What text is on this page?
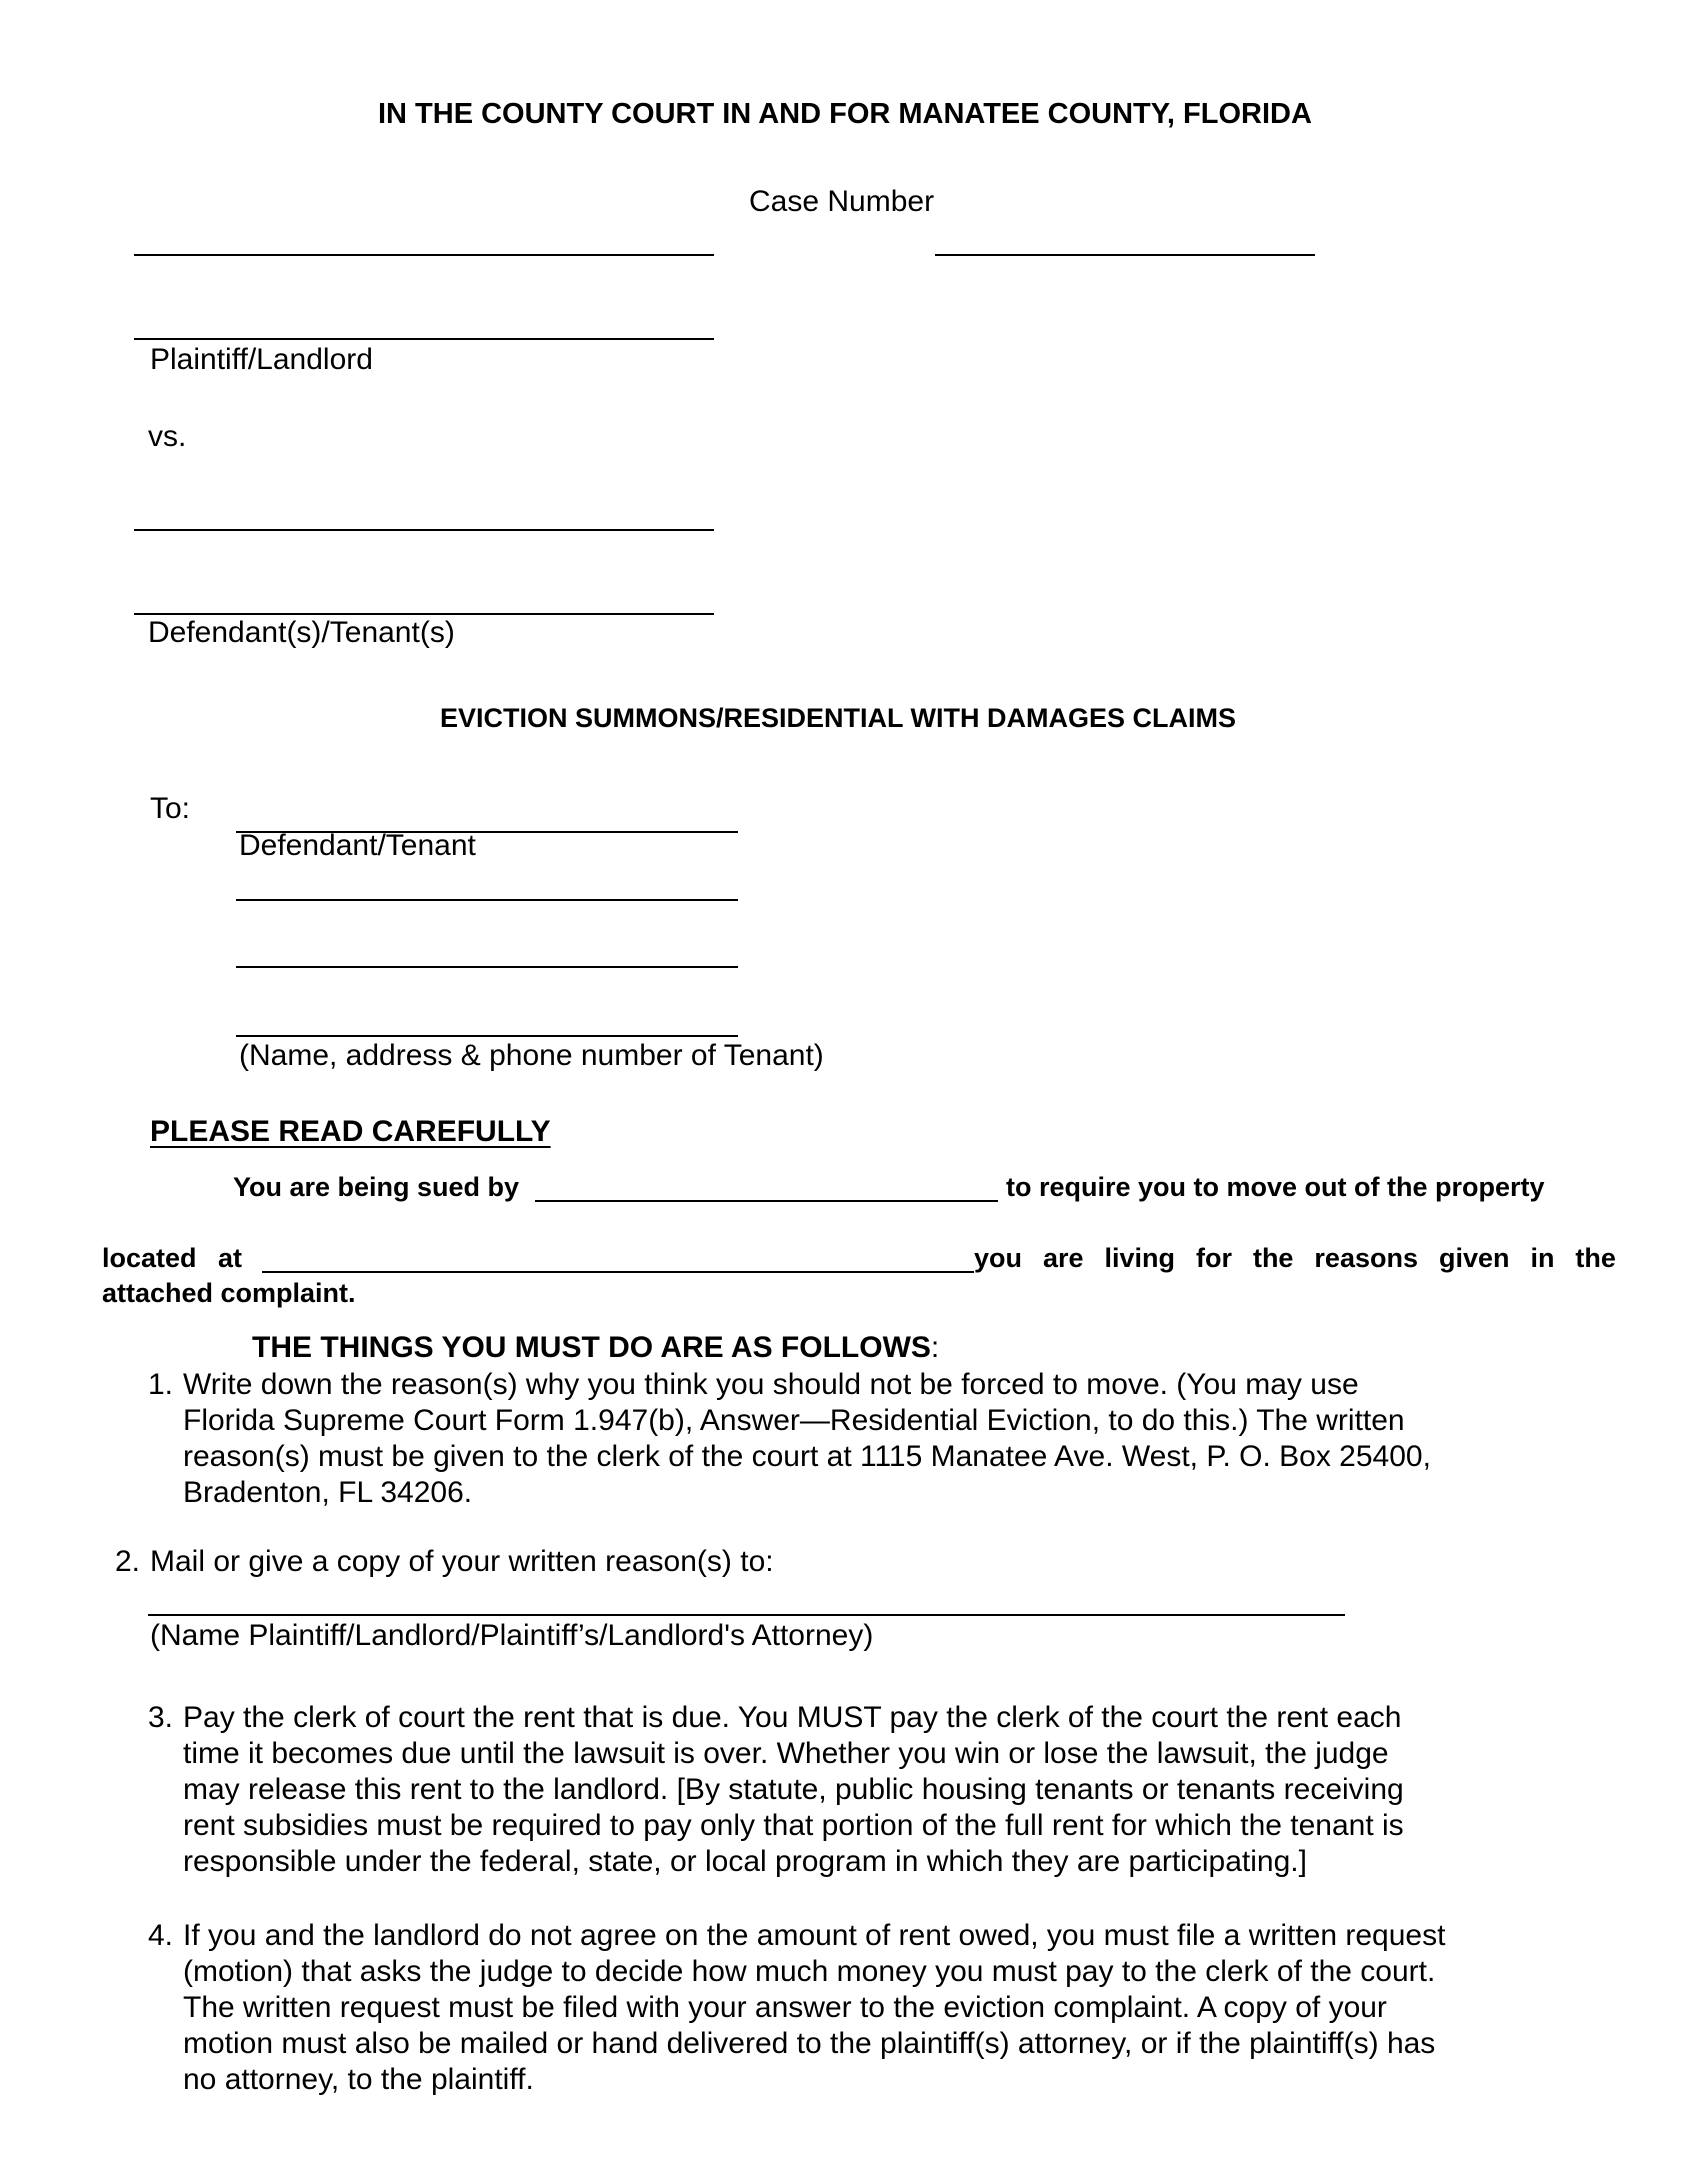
IN THE COUNTY COURT IN AND FOR MANATEE COUNTY, FLORIDA
Case Number
Plaintiff/Landlord
vs.
Defendant(s)/Tenant(s)
EVICTION SUMMONS/RESIDENTIAL WITH DAMAGES CLAIMS
To:
Defendant/Tenant
(Name, address & phone number of Tenant)
PLEASE READ CAREFULLY
You are being sued by	to require you to move out of the property
located at	you are living for the reasons given in the
attached complaint.
THE THINGS YOU MUST DO ARE AS FOLLOWS:
1. Write down the reason(s) why you think you should not be forced to move. (You may use
Florida Supreme Court Form 1.947(b), Answer—Residential Eviction, to do this.) The written
reason(s) must be given to the clerk of the court at 1115 Manatee Ave. West, P. O. Box 25400,
Bradenton, FL 34206.
2. Mail or give a copy of your written reason(s) to:
(Name Plaintiff/Landlord/Plaintiff’s/Landlord's Attorney)
3. Pay the clerk of court the rent that is due. You MUST pay the clerk of the court the rent each
time it becomes due until the lawsuit is over. Whether you win or lose the lawsuit, the judge
may release this rent to the landlord. [By statute, public housing tenants or tenants receiving
rent subsidies must be required to pay only that portion of the full rent for which the tenant is
responsible under the federal, state, or local program in which they are participating.]
4. If you and the landlord do not agree on the amount of rent owed, you must file a written request
(motion) that asks the judge to decide how much money you must pay to the clerk of the court.
The written request must be filed with your answer to the eviction complaint. A copy of your
motion must also be mailed or hand delivered to the plaintiff(s) attorney, or if the plaintiff(s) has
no attorney, to the plaintiff.
